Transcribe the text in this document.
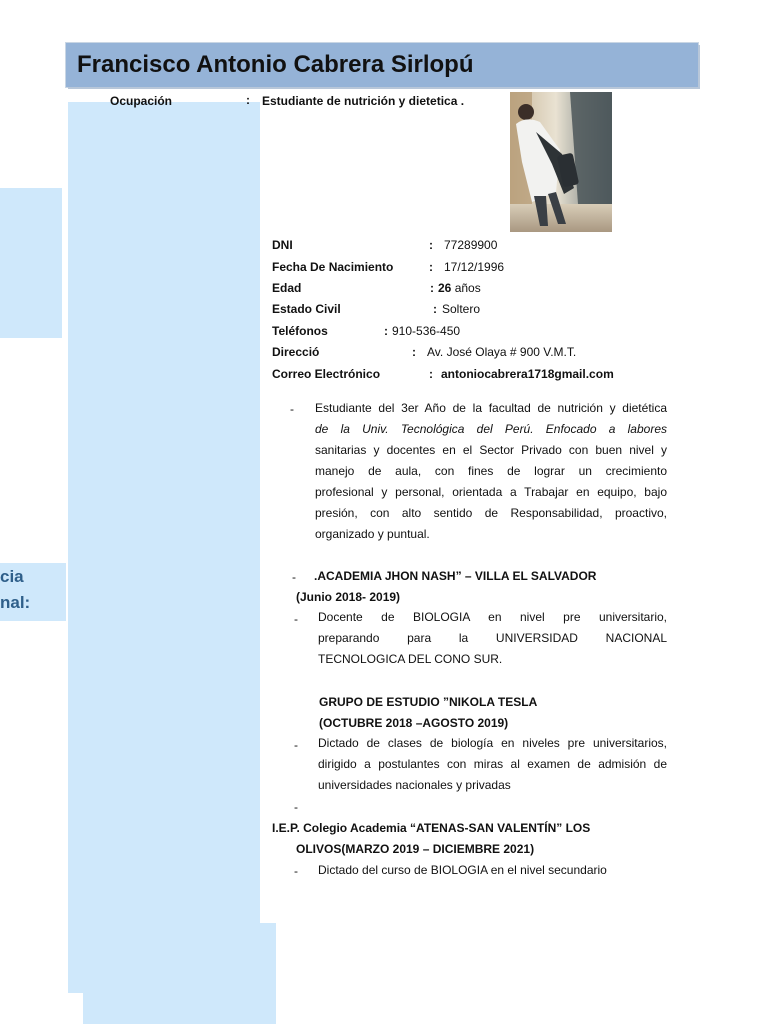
cia
nal:
Francisco Antonio Cabrera Sirlopú
Ocupación	: Estudiante de nutrición y dietetica .
DNI	: 77289900
Fecha De Nacimiento	: 17/12/1996
Edad	: 26 años
Estado Civil	: Soltero
Teléfonos	: 910-536-450
Direcció	: Av. José Olaya # 900 V.M.T.
Correo Electrónico	: antoniocabrera1718gmail.com
- Estudiante del 3er Año de la facultad de nutrición y dietética
de la Univ. Tecnológica del Perú. Enfocado a labores
sanitarias y docentes en el Sector Privado con buen nivel y
manejo de aula, con fines de lograr un crecimiento
profesional y personal, orientada a Trabajar en equipo, bajo
presión, con alto sentido de Responsabilidad, proactivo,
organizado y puntual.
- .ACADEMIA JHON NASH” – VILLA EL SALVADOR
(Junio 2018- 2019)
- Docente de BIOLOGIA en nivel pre universitario,
preparando para la UNIVERSIDAD NACIONAL
TECNOLOGICA DEL CONO SUR.
GRUPO DE ESTUDIO ”NIKOLA TESLA
(OCTUBRE 2018 –AGOSTO 2019)
- Dictado de clases de biología en niveles pre universitarios,
dirigido a postulantes con miras al examen de admisión de
universidades nacionales y privadas
-
I.E.P. Colegio Academia “ATENAS-SAN VALENTÍN” LOS
OLIVOS(MARZO 2019 – DICIEMBRE 2021)
- Dictado del curso de BIOLOGIA en el nivel secundario
